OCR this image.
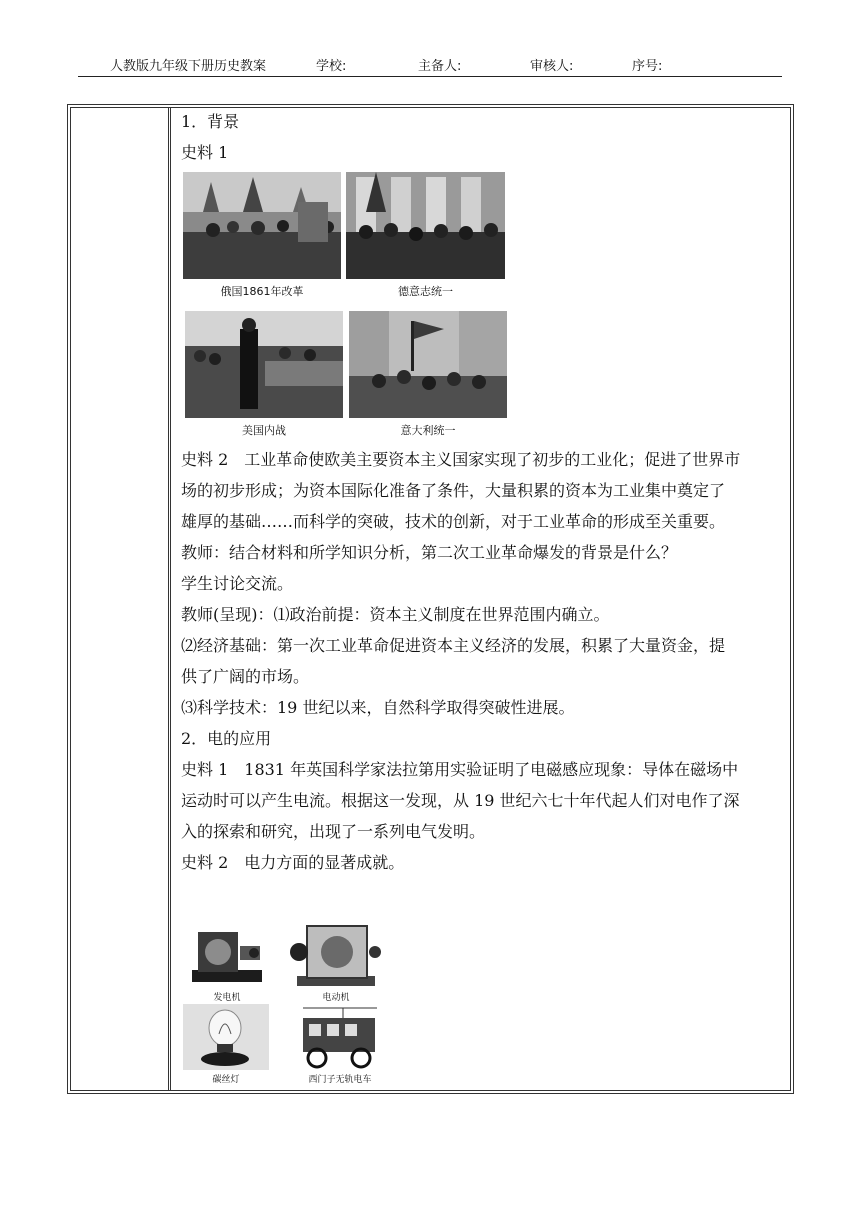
人教版九年级下册历史教案	学校:	主备人:	审核人:	序号:
1．背景
史料 1
俄国1861年改革	德意志统一
美国内战	意大利统一
史料 2　工业革命使欧美主要资本主义国家实现了初步的工业化；促进了世界市
场的初步形成；为资本国际化准备了条件，大量积累的资本为工业集中奠定了
雄厚的基础……而科学的突破，技术的创新，对于工业革命的形成至关重要。
教师：结合材料和所学知识分析，第二次工业革命爆发的背景是什么？
学生讨论交流。
教师(呈现)：⑴政治前提：资本主义制度在世界范围内确立。
⑵经济基础：第一次工业革命促进资本主义经济的发展，积累了大量资金，提
供了广阔的市场。
⑶科学技术：19 世纪以来，自然科学取得突破性进展。
2．电的应用
史料 1　1831 年英国科学家法拉第用实验证明了电磁感应现象：导体在磁场中
运动时可以产生电流。根据这一发现，从 19 世纪六七十年代起人们对电作了深
入的探索和研究，出现了一系列电气发明。
史料 2　电力方面的显著成就。
发电机	电动机
碳丝灯	西门子无轨电车
